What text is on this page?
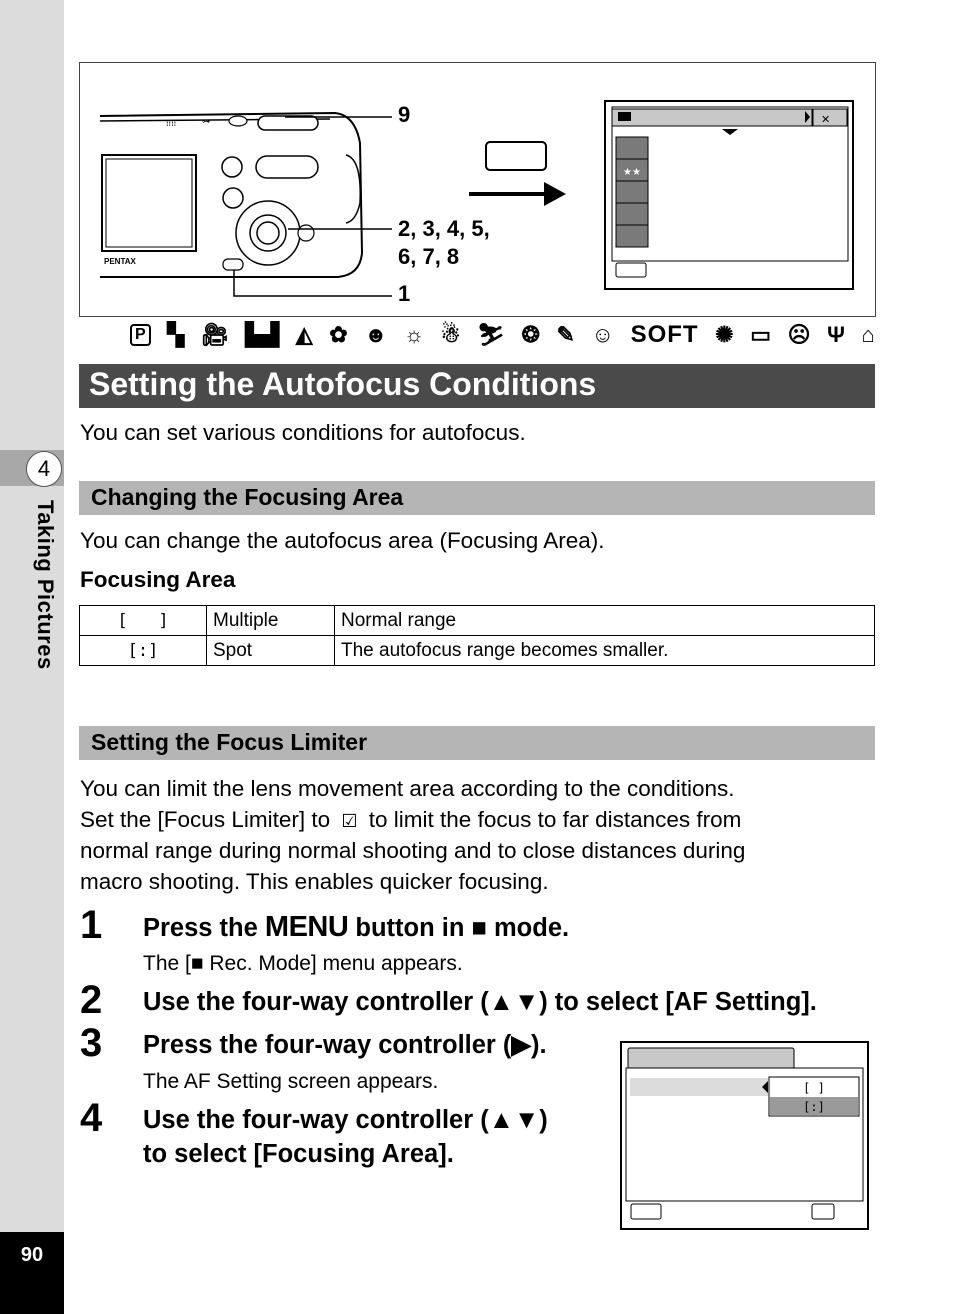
4
Taking Pictures
90
PENTAX
⁞⁞⁞⁞	⊶	✕
★★
9
2, 3, 4, 5,
6, 7, 8
1
P ▚ 🎥︎ ▙▟ ◭ ✿ ☻ ☼ ☃ ⛷ ❂ ✎ ☺ SOFT ✺ ▭ ☹ Ψ ⌂
Setting the Autofocus Conditions
You can set various conditions for autofocus.
Changing the Focusing Area
You can change the autofocus area (Focusing Area).
Focusing Area
[   ]	Multiple	Normal range
[:]	Spot	The autofocus range becomes smaller.
Setting the Focus Limiter
You can limit the lens movement area according to the conditions.
Set the [Focus Limiter] to  ☑  to limit the focus to far distances from
normal range during normal shooting and to close distances during
macro shooting. This enables quicker focusing.
1 Press the MENU button in ■ mode.
The [■ Rec. Mode] menu appears.
2 Use the four-way controller (▲▼) to select [AF Setting].
3 Press the four-way controller (▶).
The AF Setting screen appears.
4 Use the four-way controller (▲▼)
to select [Focusing Area].
[ ]
[:]
